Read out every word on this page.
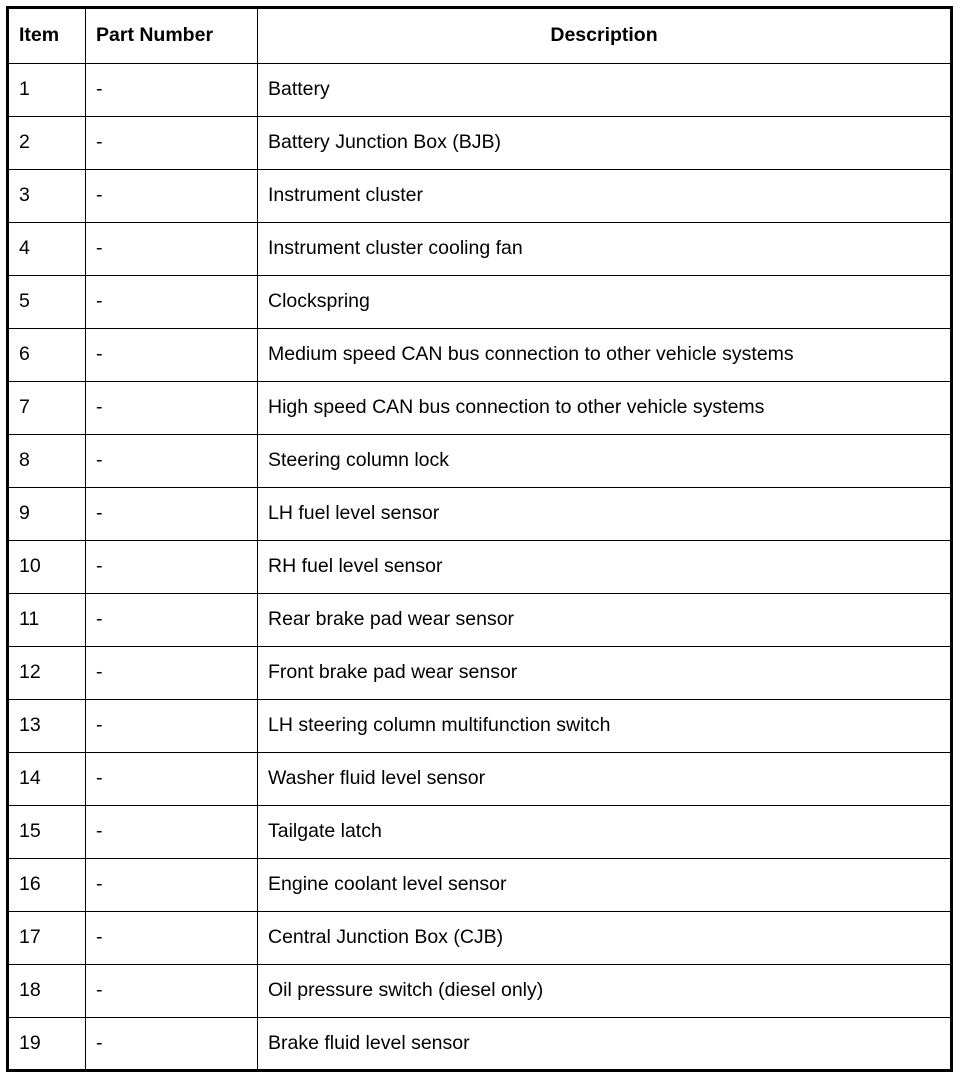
Item	Part Number	Description
1	-	Battery
2	-	Battery Junction Box (BJB)
3	-	Instrument cluster
4	-	Instrument cluster cooling fan
5	-	Clockspring
6	-	Medium speed CAN bus connection to other vehicle systems
7	-	High speed CAN bus connection to other vehicle systems
8	-	Steering column lock
9	-	LH fuel level sensor
10	-	RH fuel level sensor
11	-	Rear brake pad wear sensor
12	-	Front brake pad wear sensor
13	-	LH steering column multifunction switch
14	-	Washer fluid level sensor
15	-	Tailgate latch
16	-	Engine coolant level sensor
17	-	Central Junction Box (CJB)
18	-	Oil pressure switch (diesel only)
19	-	Brake fluid level sensor
